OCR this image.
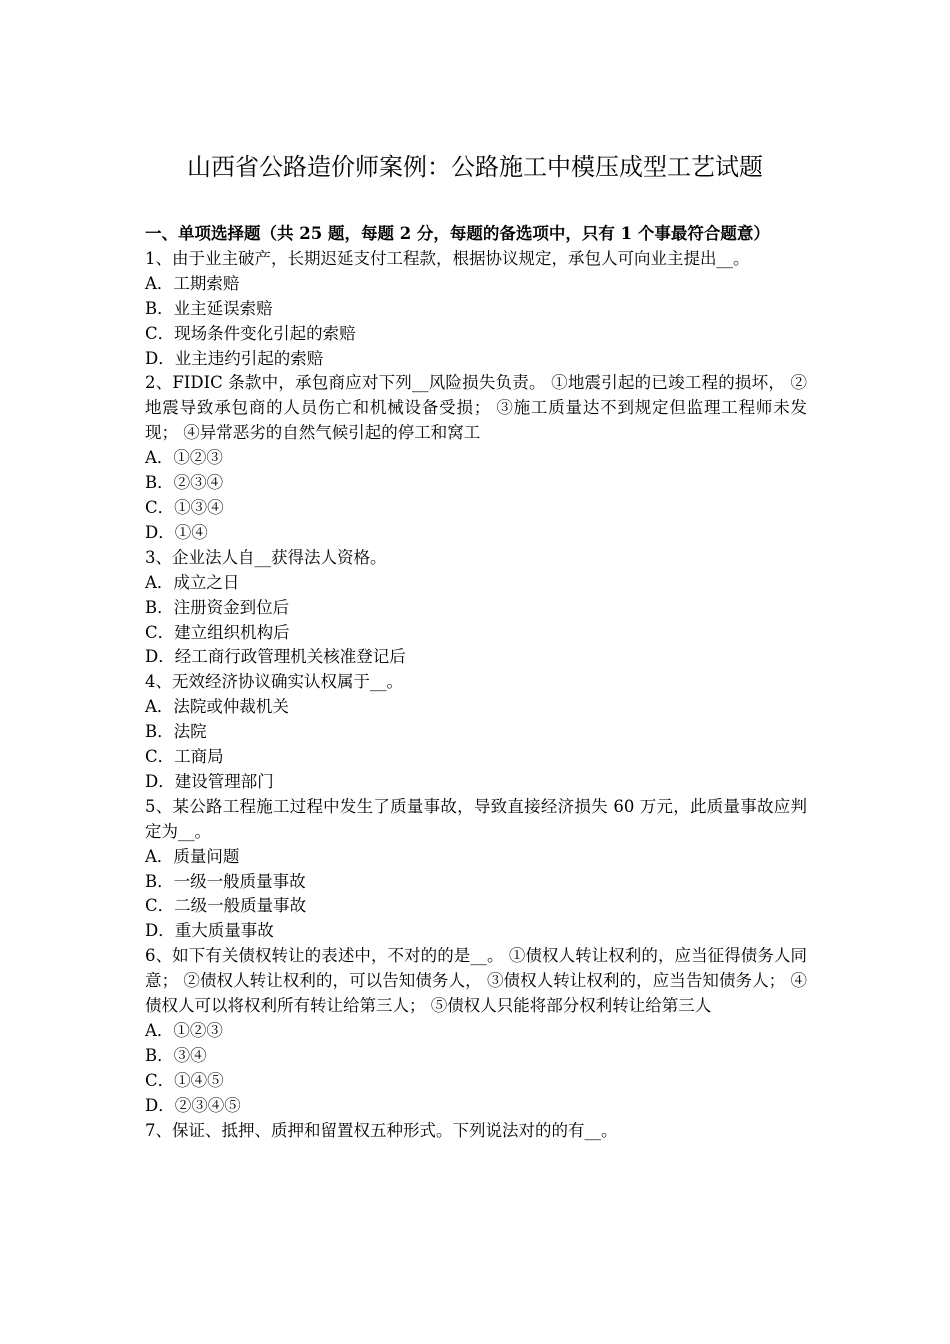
山西省公路造价师案例：公路施工中模压成型工艺试题

一、单项选择题（共 25 题，每题 2 分，每题的备选项中，只有 1 个事最符合题意）

1、由于业主破产，长期迟延支付工程款，根据协议规定，承包人可向业主提出__。

A．工期索赔

B．业主延误索赔

C．现场条件变化引起的索赔

D．业主违约引起的索赔

2、FIDIC 条款中，承包商应对下列__风险损失负责。 ①地震引起的已竣工程的损坏， ②地震导致承包商的人员伤亡和机械设备受损； ③施工质量达不到规定但监理工程师未发现； ④异常恶劣的自然气候引起的停工和窝工

A．①②③

B．②③④

C．①③④

D．①④

3、企业法人自__获得法人资格。

A．成立之日

B．注册资金到位后

C．建立组织机构后

D．经工商行政管理机关核准登记后

4、无效经济协议确实认权属于__。

A．法院或仲裁机关

B．法院

C．工商局

D．建设管理部门

5、某公路工程施工过程中发生了质量事故，导致直接经济损失 60 万元，此质量事故应判定为__。

A．质量问题

B．一级一般质量事故

C．二级一般质量事故

D．重大质量事故

6、如下有关债权转让的表述中，不对的的是__。 ①债权人转让权利的，应当征得债务人同意； ②债权人转让权利的，可以告知债务人， ③债权人转让权利的，应当告知债务人； ④债权人可以将权利所有转让给第三人； ⑤债权人只能将部分权利转让给第三人

A．①②③

B．③④

C．①④⑤

D．②③④⑤

7、保证、抵押、质押和留置权五种形式。下列说法对的的有__。
